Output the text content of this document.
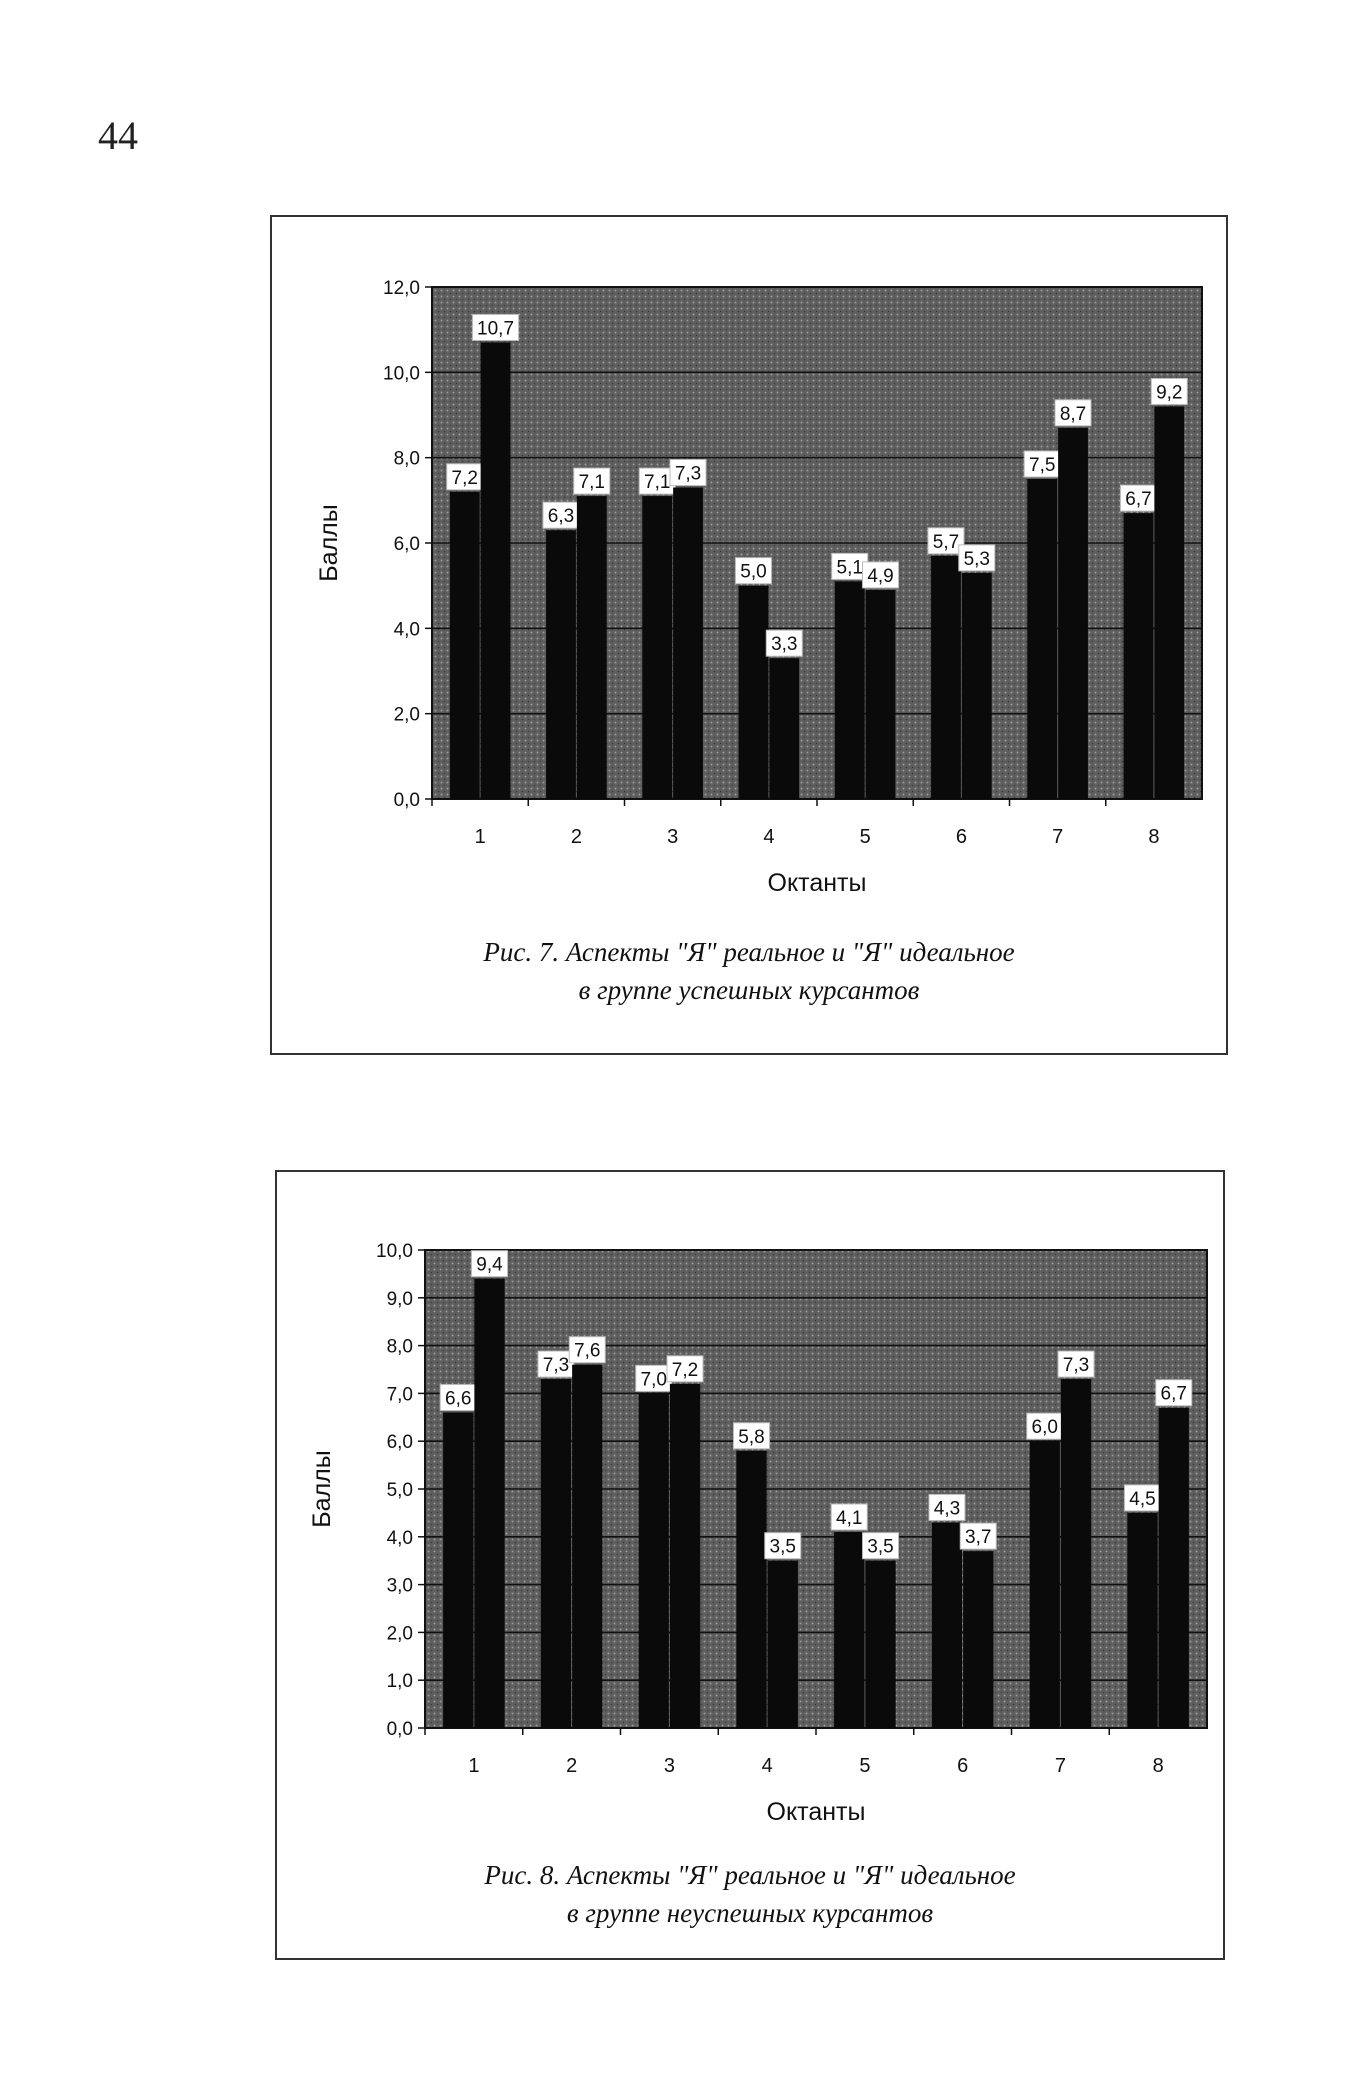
44
0,0
2,0
4,0
6,0
8,0
10,0
12,0
1
7,2
10,7
2
6,3
7,1
3
7,1 7,3
4
5,0
3,3
5
5,1 4,9
6
5,7
5,3
7
7,5
8,7
8
6,7
9,2
Октанты
Баллы
Рис. 7. Аспекты "Я" реальное и "Я" идеальное
в группе успешных курсантов
0,0
1,0
2,0
3,0
4,0
5,0
6,0
7,0
8,0
9,0
10,0
1
6,6
9,4
2
7,3
7,6
3
7,0 7,2
4
5,8
3,5
5
4,1
3,5
6
4,3
3,7
7
6,0
7,3
8
4,5
6,7
Октанты
Баллы
Рис. 8. Аспекты "Я" реальное и "Я" идеальное
в группе неуспешных курсантов
